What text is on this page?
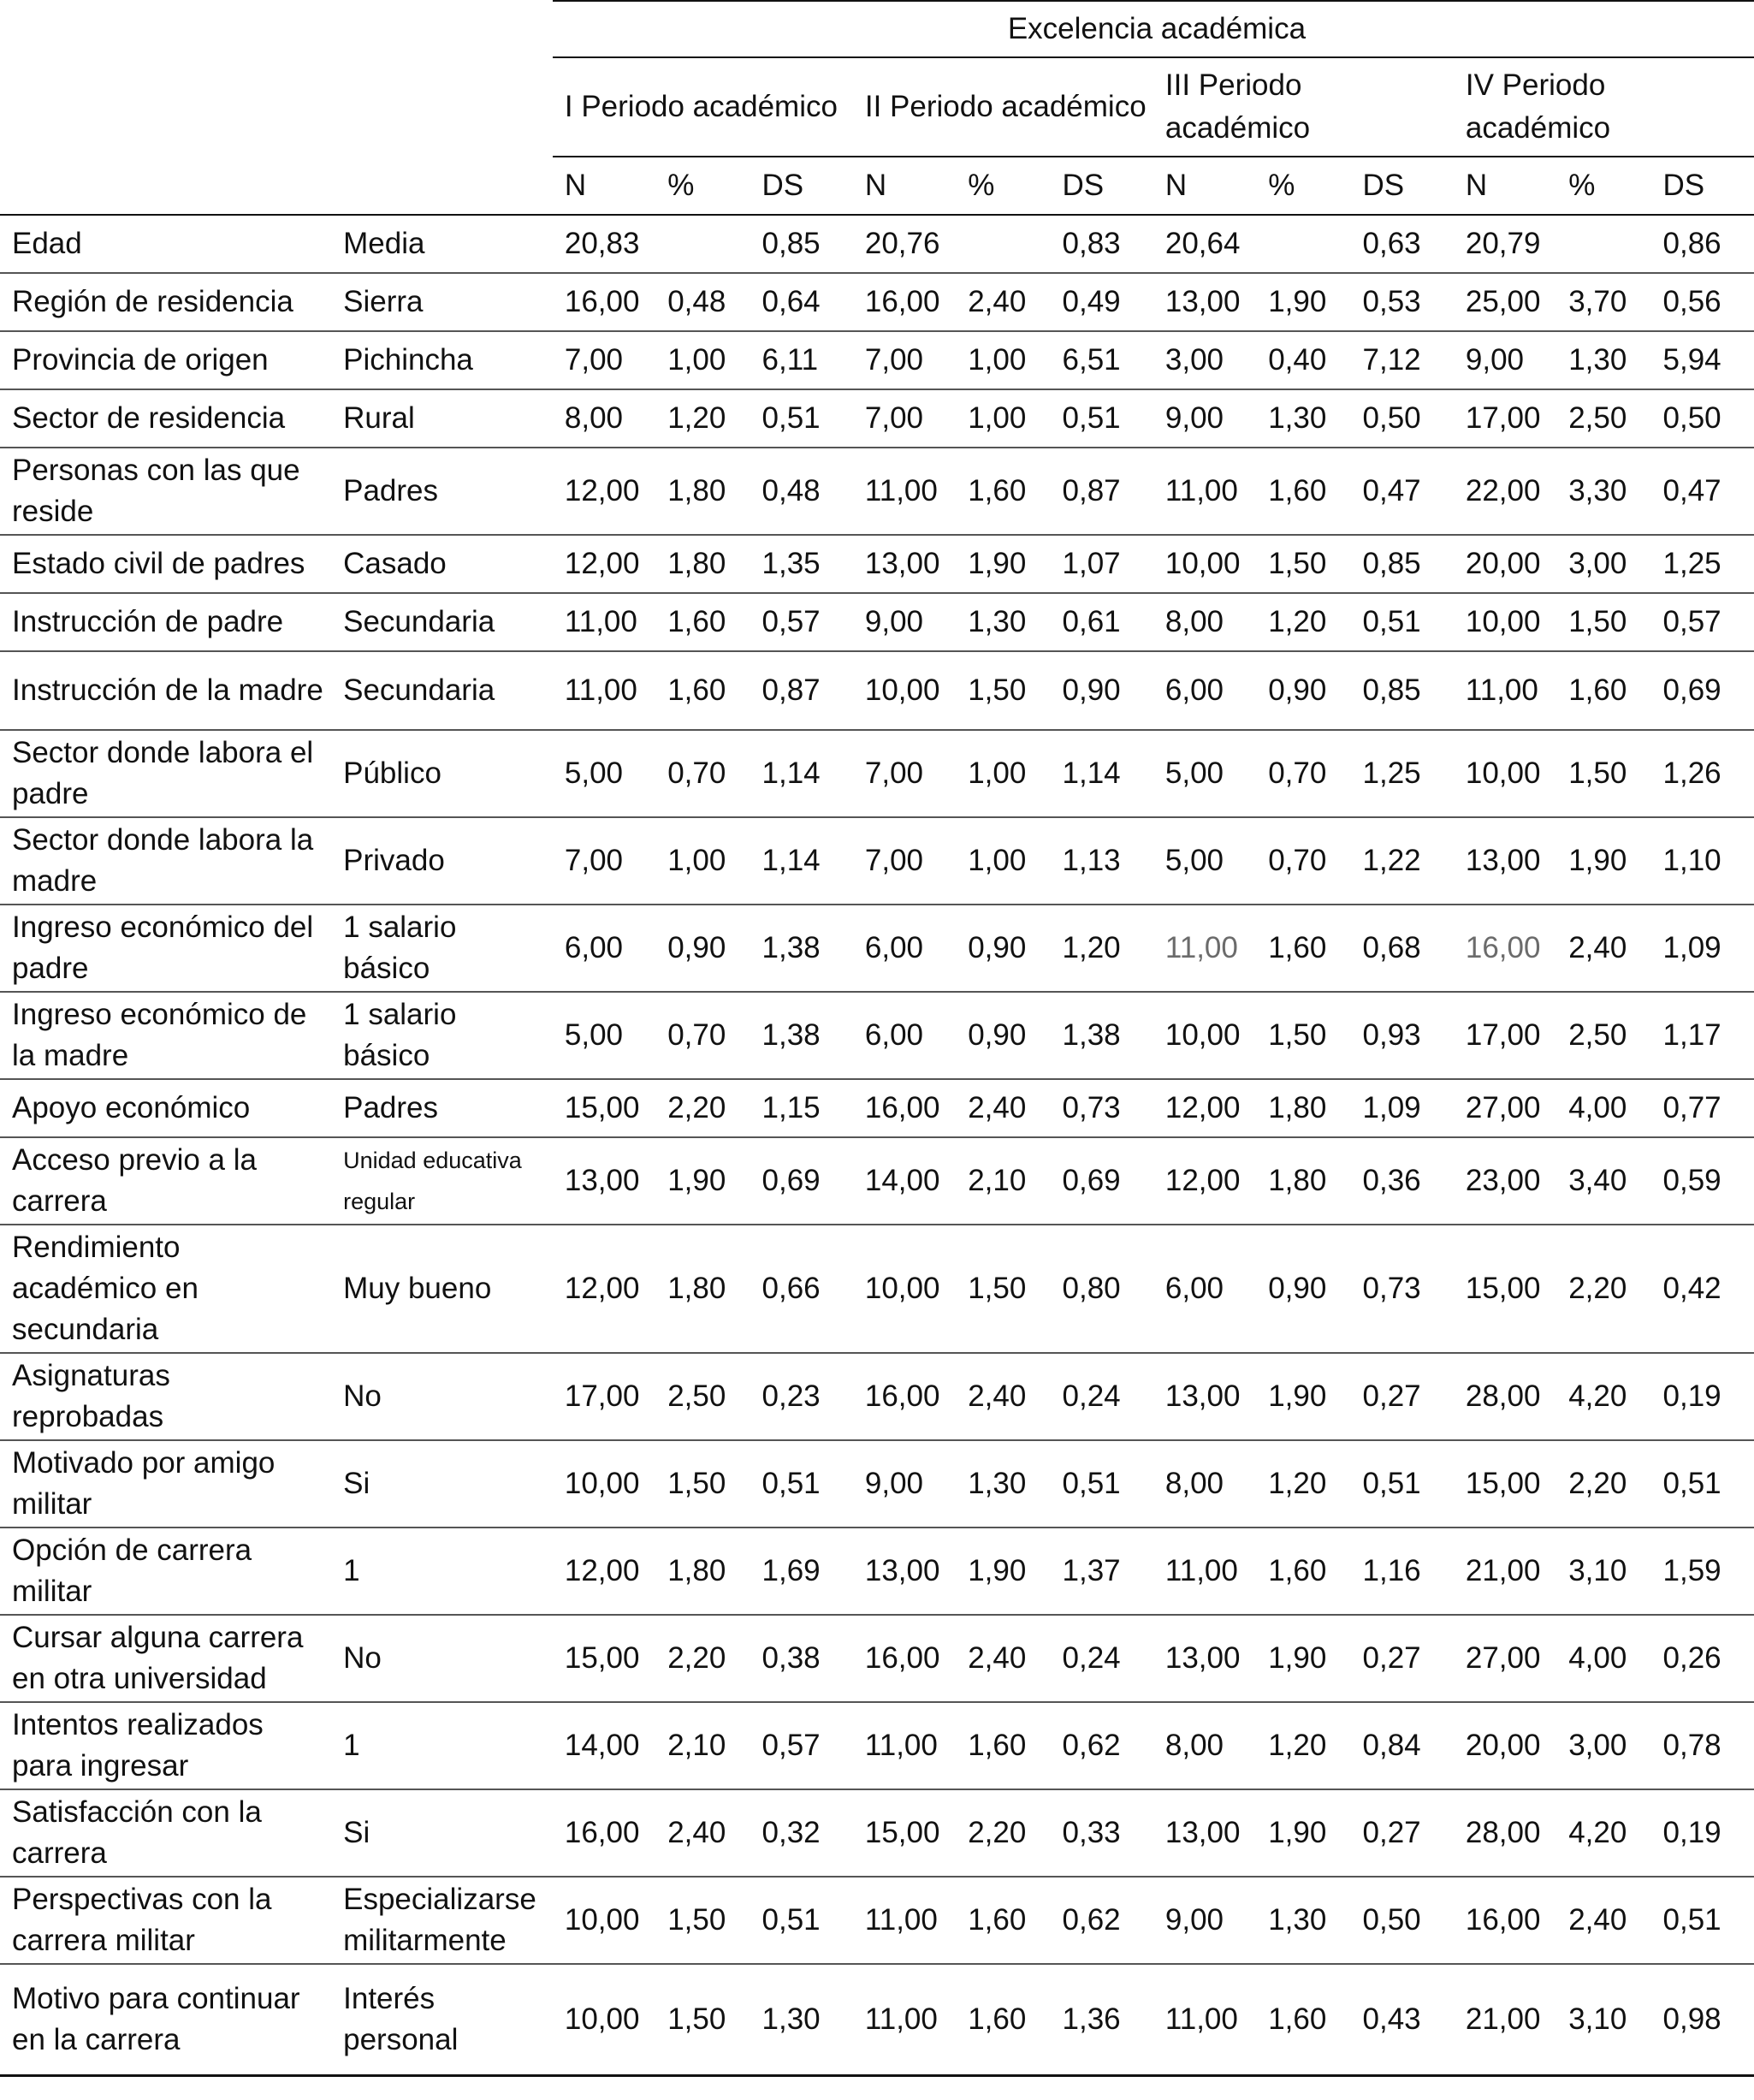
		Excelencia académica											
		I Periodo académico			II Periodo académico			III Periodo académico			IV Periodo académico		
		N	%	DS	N	%	DS	N	%	DS	N	%	DS
Edad	Media	20,83		0,85	20,76		0,83	20,64		0,63	20,79		0,86
Región de residencia	Sierra	16,00	0,48	0,64	16,00	2,40	0,49	13,00	1,90	0,53	25,00	3,70	0,56
Provincia de origen	Pichincha	7,00	1,00	6,11	7,00	1,00	6,51	3,00	0,40	7,12	9,00	1,30	5,94
Sector de residencia	Rural	8,00	1,20	0,51	7,00	1,00	0,51	9,00	1,30	0,50	17,00	2,50	0,50
Personas con las que reside	Padres	12,00	1,80	0,48	11,00	1,60	0,87	11,00	1,60	0,47	22,00	3,30	0,47
Estado civil de padres	Casado	12,00	1,80	1,35	13,00	1,90	1,07	10,00	1,50	0,85	20,00	3,00	1,25
Instrucción de padre	Secundaria	11,00	1,60	0,57	9,00	1,30	0,61	8,00	1,20	0,51	10,00	1,50	0,57
Instrucción de la madre	Secundaria	11,00	1,60	0,87	10,00	1,50	0,90	6,00	0,90	0,85	11,00	1,60	0,69
Sector donde labora el padre	Público	5,00	0,70	1,14	7,00	1,00	1,14	5,00	0,70	1,25	10,00	1,50	1,26
Sector donde labora la madre	Privado	7,00	1,00	1,14	7,00	1,00	1,13	5,00	0,70	1,22	13,00	1,90	1,10
Ingreso económico del padre	1 salario básico	6,00	0,90	1,38	6,00	0,90	1,20	11,00	1,60	0,68	16,00	2,40	1,09
Ingreso económico de la madre	1 salario básico	5,00	0,70	1,38	6,00	0,90	1,38	10,00	1,50	0,93	17,00	2,50	1,17
Apoyo económico	Padres	15,00	2,20	1,15	16,00	2,40	0,73	12,00	1,80	1,09	27,00	4,00	0,77
Acceso previo a la carrera	Unidad educativa regular	13,00	1,90	0,69	14,00	2,10	0,69	12,00	1,80	0,36	23,00	3,40	0,59
Rendimiento académico en secundaria	Muy bueno	12,00	1,80	0,66	10,00	1,50	0,80	6,00	0,90	0,73	15,00	2,20	0,42
Asignaturas reprobadas	No	17,00	2,50	0,23	16,00	2,40	0,24	13,00	1,90	0,27	28,00	4,20	0,19
Motivado por amigo militar	Si	10,00	1,50	0,51	9,00	1,30	0,51	8,00	1,20	0,51	15,00	2,20	0,51
Opción de carrera militar	1	12,00	1,80	1,69	13,00	1,90	1,37	11,00	1,60	1,16	21,00	3,10	1,59
Cursar alguna carrera en otra universidad	No	15,00	2,20	0,38	16,00	2,40	0,24	13,00	1,90	0,27	27,00	4,00	0,26
Intentos realizados para ingresar	1	14,00	2,10	0,57	11,00	1,60	0,62	8,00	1,20	0,84	20,00	3,00	0,78
Satisfacción con la carrera	Si	16,00	2,40	0,32	15,00	2,20	0,33	13,00	1,90	0,27	28,00	4,20	0,19
Perspectivas con la carrera militar	Especializarse militarmente	10,00	1,50	0,51	11,00	1,60	0,62	9,00	1,30	0,50	16,00	2,40	0,51
Motivo para continuar en la carrera	Interés personal	10,00	1,50	1,30	11,00	1,60	1,36	11,00	1,60	0,43	21,00	3,10	0,98
